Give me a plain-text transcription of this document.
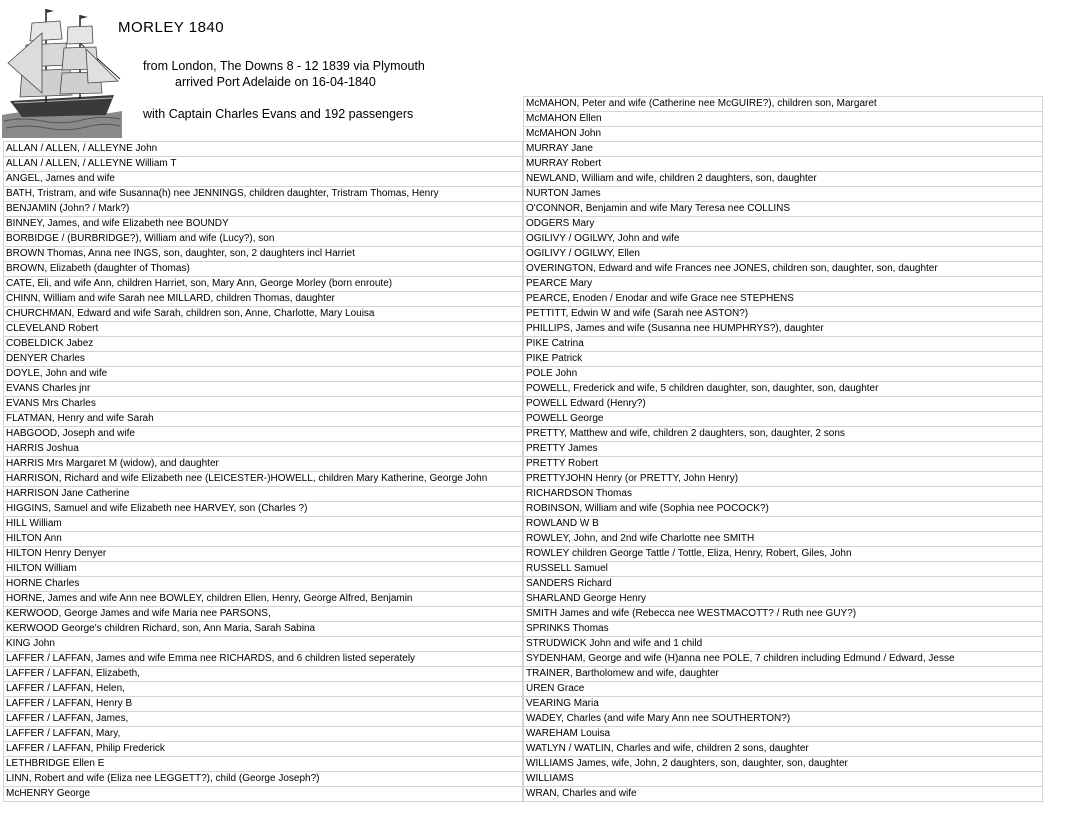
MORLEY 1840
from London, The Downs 8 - 12 1839 via Plymouth
arrived Port Adelaide on 16-04-1840
with Captain Charles Evans and 192 passengers
ALLAN / ALLEN, / ALLEYNE John
ALLAN / ALLEN, / ALLEYNE William T
ANGEL, James and wife
BATH, Tristram, and wife Susanna(h) nee JENNINGS, children daughter, Tristram Thomas, Henry
BENJAMIN (John? / Mark?)
BINNEY, James, and wife Elizabeth nee BOUNDY
BORBIDGE / (BURBRIDGE?), William and wife (Lucy?), son
BROWN Thomas, Anna nee INGS, son, daughter, son, 2 daughters incl Harriet
BROWN, Elizabeth (daughter of Thomas)
CATE, Eli, and wife Ann, children Harriet, son, Mary Ann, George Morley (born enroute)
CHINN, William and wife Sarah nee MILLARD, children Thomas, daughter
CHURCHMAN, Edward and wife Sarah, children son, Anne, Charlotte, Mary Louisa
CLEVELAND Robert
COBELDICK Jabez
DENYER Charles
DOYLE, John and wife
EVANS Charles jnr
EVANS Mrs Charles
FLATMAN, Henry and wife Sarah
HABGOOD, Joseph and wife
HARRIS Joshua
HARRIS Mrs Margaret M (widow), and daughter
HARRISON, Richard and wife Elizabeth nee (LEICESTER-)HOWELL, children Mary Katherine, George John
HARRISON Jane Catherine
HIGGINS, Samuel and wife Elizabeth nee HARVEY, son (Charles ?)
HILL William
HILTON Ann
HILTON Henry Denyer
HILTON William
HORNE Charles
HORNE, James and wife Ann nee BOWLEY, children Ellen, Henry, George Alfred, Benjamin
KERWOOD, George James and wife Maria nee PARSONS,
KERWOOD George's children Richard, son, Ann Maria, Sarah Sabina
KING John
LAFFER / LAFFAN, James and wife Emma nee RICHARDS, and 6 children listed seperately
LAFFER / LAFFAN, Elizabeth,
LAFFER / LAFFAN, Helen,
LAFFER / LAFFAN, Henry B
LAFFER / LAFFAN, James,
LAFFER / LAFFAN, Mary,
LAFFER / LAFFAN, Philip Frederick
LETHBRIDGE Ellen E
LINN, Robert and wife (Eliza nee LEGGETT?), child (George Joseph?)
McHENRY George
McMAHON, Peter and wife (Catherine nee McGUIRE?), children son, Margaret
McMAHON Ellen
McMAHON John
MURRAY Jane
MURRAY Robert
NEWLAND, William and wife, children 2 daughters, son, daughter
NURTON James
O'CONNOR, Benjamin and wife Mary Teresa nee COLLINS
ODGERS Mary
OGILIVY / OGILWY, John and wife
OGILIVY / OGILWY, Ellen
OVERINGTON, Edward and wife Frances nee JONES, children son, daughter, son, daughter
PEARCE Mary
PEARCE, Enoden / Enodar and wife Grace nee STEPHENS
PETTITT, Edwin W and wife (Sarah nee ASTON?)
PHILLIPS, James and wife (Susanna nee HUMPHRYS?), daughter
PIKE Catrina
PIKE Patrick
POLE John
POWELL, Frederick and wife, 5 children daughter, son, daughter, son, daughter
POWELL Edward (Henry?)
POWELL George
PRETTY, Matthew and wife, children 2 daughters, son, daughter, 2 sons
PRETTY James
PRETTY Robert
PRETTYJOHN Henry (or PRETTY, John Henry)
RICHARDSON Thomas
ROBINSON, William and wife (Sophia nee POCOCK?)
ROWLAND W B
ROWLEY, John, and 2nd wife Charlotte nee SMITH
ROWLEY children George Tattle / Tottle, Eliza, Henry, Robert, Giles, John
RUSSELL Samuel
SANDERS Richard
SHARLAND George Henry
SMITH James and wife (Rebecca nee WESTMACOTT? / Ruth nee GUY?)
SPRINKS Thomas
STRUDWICK John and wife and 1 child
SYDENHAM, George and wife (H)anna nee POLE, 7 children including Edmund / Edward, Jesse
TRAINER, Bartholomew and wife, daughter
UREN Grace
VEARING Maria
WADEY, Charles (and wife Mary Ann nee SOUTHERTON?)
WAREHAM Louisa
WATLYN / WATLIN, Charles and wife, children 2 sons, daughter
WILLIAMS James, wife, John, 2 daughters, son, daughter, son, daughter
WILLIAMS
WRAN, Charles and wife
